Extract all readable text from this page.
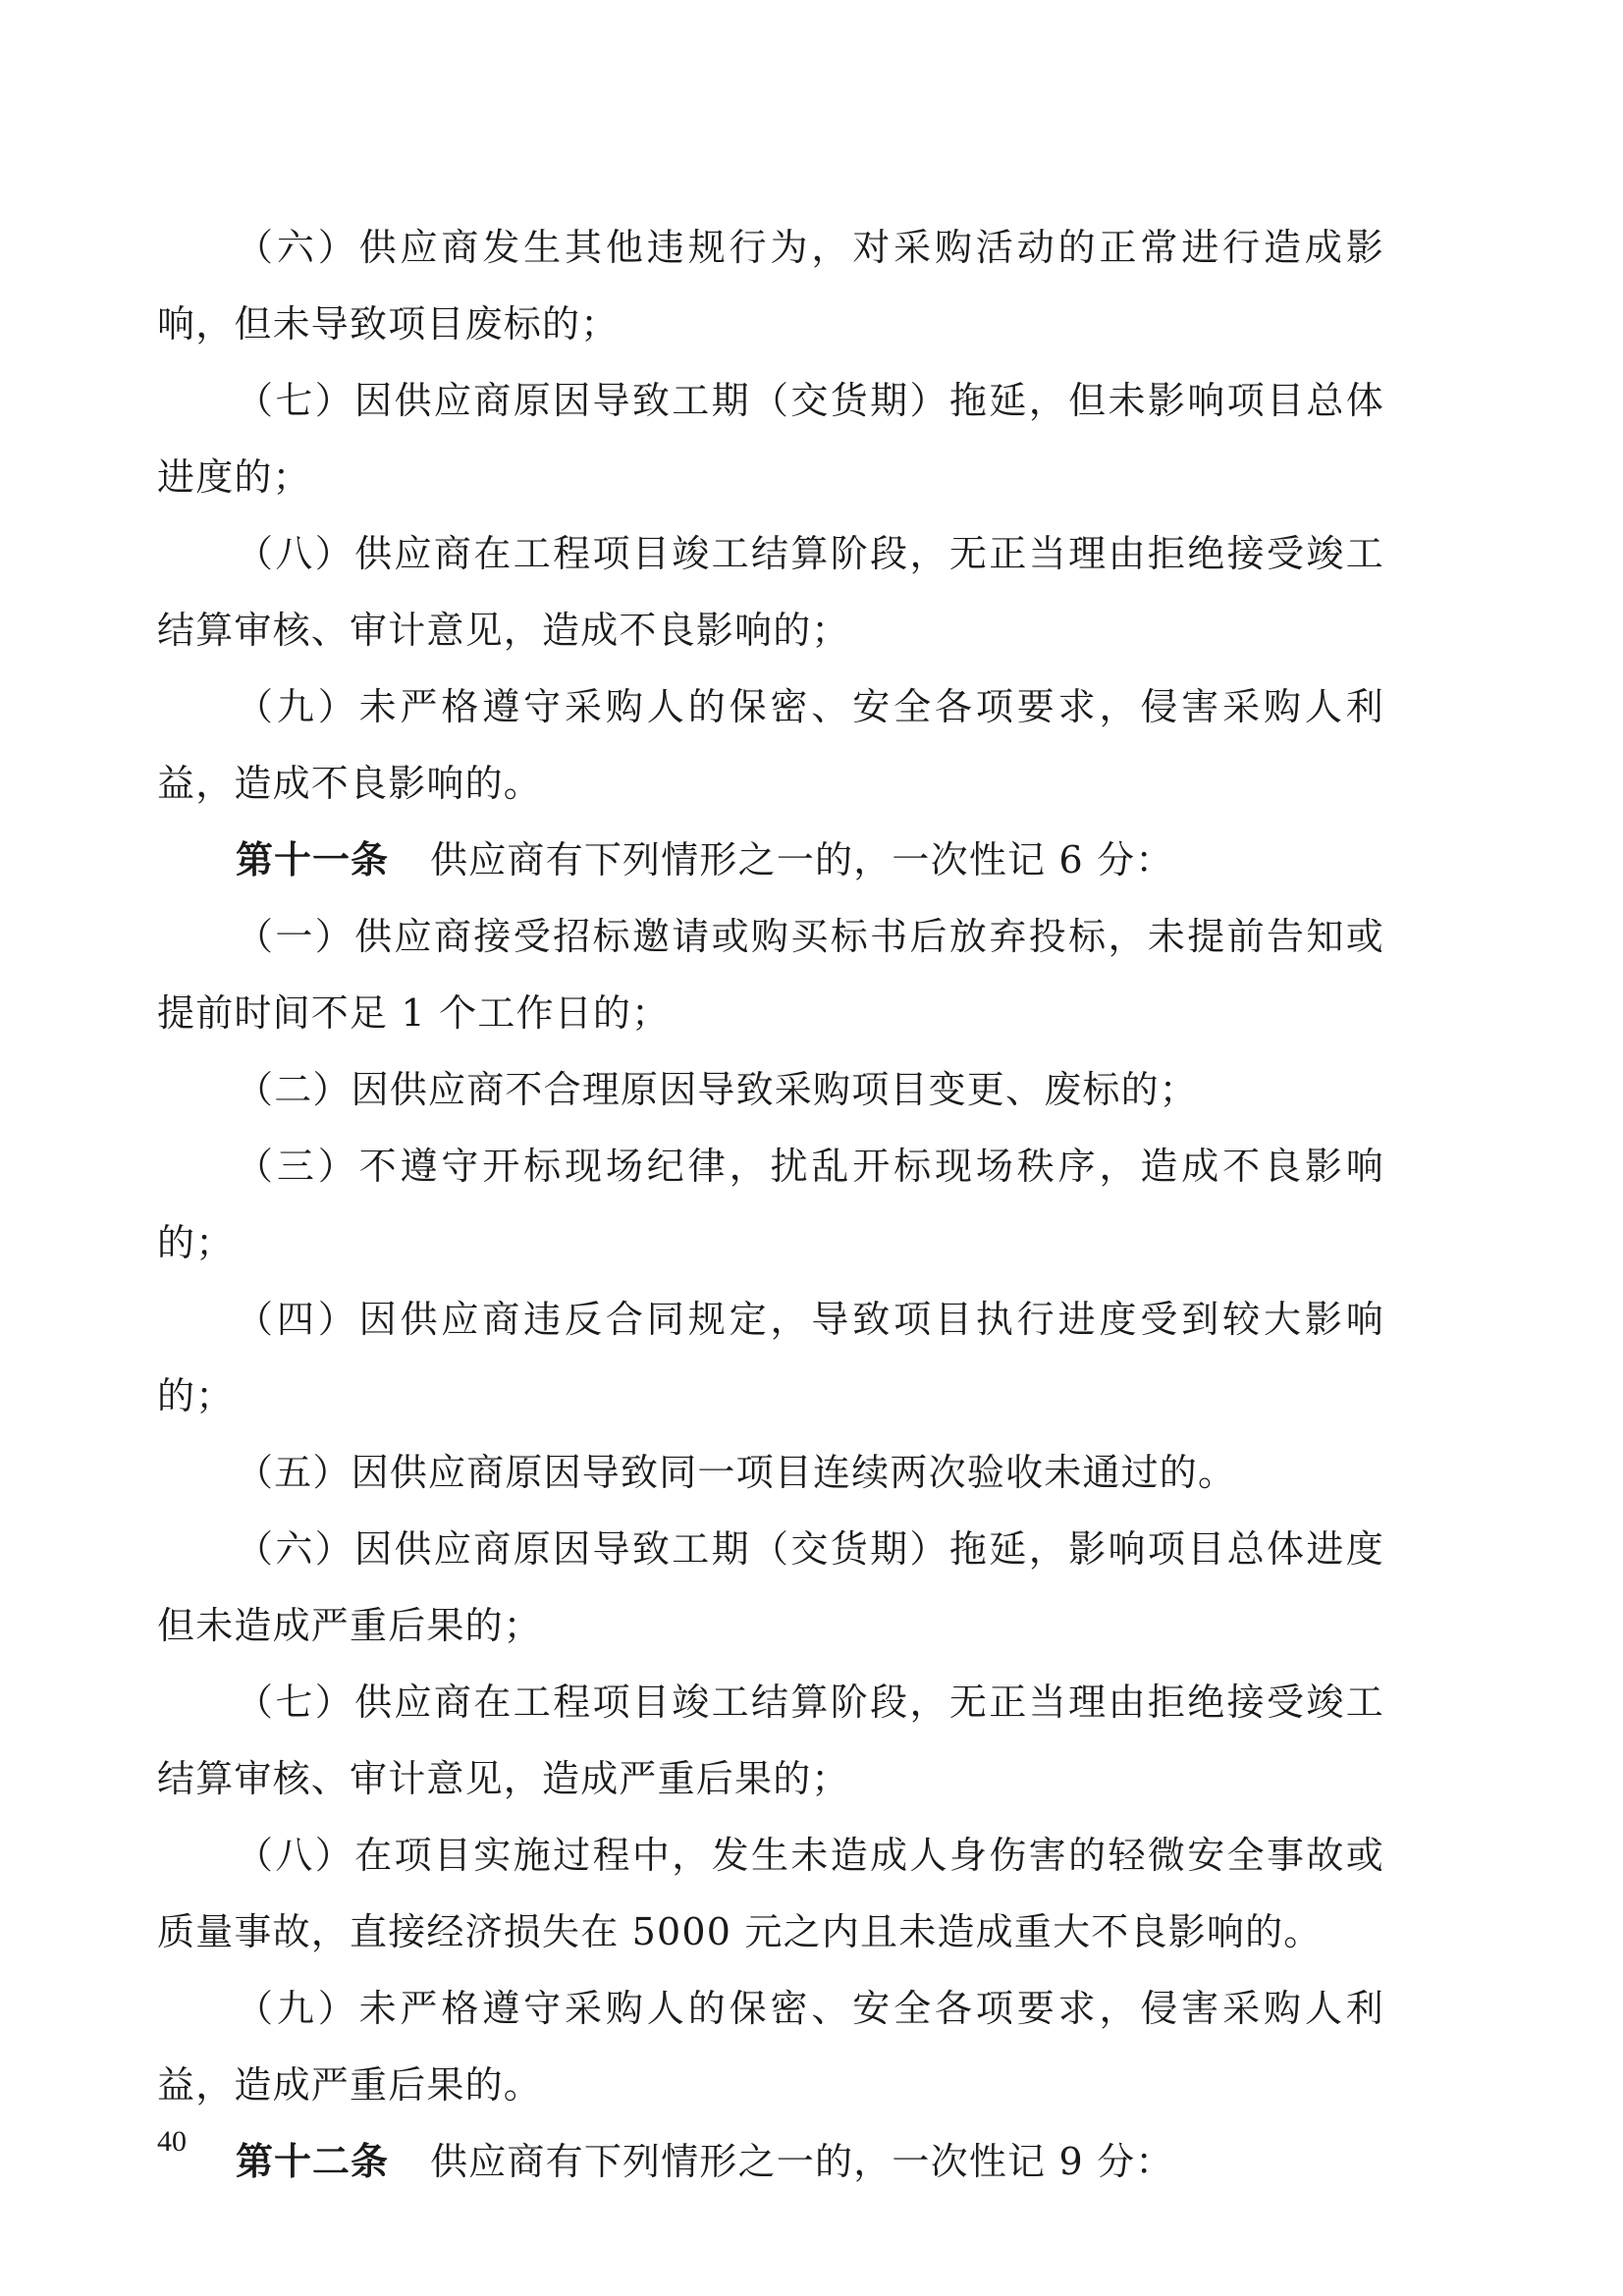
（六）供应商发生其他违规行为，对采购活动的正常进行造成影响，但未导致项目废标的；

（七）因供应商原因导致工期（交货期）拖延，但未影响项目总体进度的；

（八）供应商在工程项目竣工结算阶段，无正当理由拒绝接受竣工结算审核、审计意见，造成不良影响的；

（九）未严格遵守采购人的保密、安全各项要求，侵害采购人利益，造成不良影响的。

第十一条 供应商有下列情形之一的，一次性记 6 分：

（一）供应商接受招标邀请或购买标书后放弃投标，未提前告知或提前时间不足 1 个工作日的；

（二）因供应商不合理原因导致采购项目变更、废标的；

（三）不遵守开标现场纪律，扰乱开标现场秩序，造成不良影响的；

（四）因供应商违反合同规定，导致项目执行进度受到较大影响的；

（五）因供应商原因导致同一项目连续两次验收未通过的。

（六）因供应商原因导致工期（交货期）拖延，影响项目总体进度但未造成严重后果的；

（七）供应商在工程项目竣工结算阶段，无正当理由拒绝接受竣工结算审核、审计意见，造成严重后果的；

（八）在项目实施过程中，发生未造成人身伤害的轻微安全事故或质量事故，直接经济损失在 5000 元之内且未造成重大不良影响的。

（九）未严格遵守采购人的保密、安全各项要求，侵害采购人利益，造成严重后果的。

第十二条 供应商有下列情形之一的，一次性记 9 分：

40
